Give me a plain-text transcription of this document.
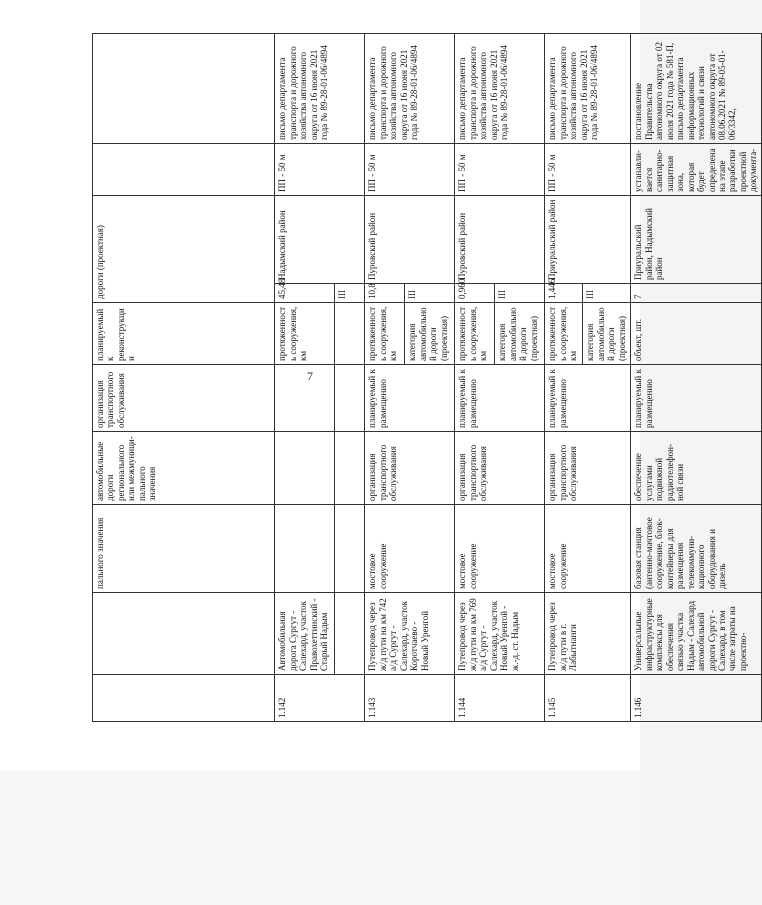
7
		пального значения	автомобильные дороги регионального или межмуници-пального значения	организация транспортного обслуживания	планируемый к реконструкции	дороги (проектная)			
1.142	Автомобильная дорога Сургут - Салехард, участок Правохеттинский - Старый Надым				протяженность сооружения, км	45,48	Надымский район	ПП - 50 м	письмо департамента транспорта и дорожного хозяйства автономного округа от 16 июня 2021 года № 89-28-01-06/4894	
						III				
1.143	Путепровод через ж/д пути на км 742 а/д Сургут - Салехард, участок Коротчаево - Новый Уренгой	мостовое сооружение	организация транспортного обслуживания	планируемый к размещению	протяженность сооружения, км	10,8	Пуровский район	ПП - 50 м	письмо департамента транспорта и дорожного хозяйства автономного округа от 16 июня 2021 года № 89-28-01-06/4894	
					категория автомобильной дороги (проектная)	III				
1.144	Путепровод через ж/д пути на км 769 а/д Сургут - Салехард, участок Новый Уренгой - ж.-д. ст. Надым	мостовое сооружение	организация транспортного обслуживания	планируемый к размещению	протяженность сооружения, км	0,960	Пуровский район	ПП - 50 м	письмо департамента транспорта и дорожного хозяйства автономного округа от 16 июня 2021 года № 89-28-01-06/4894	
					категория автомобильной дороги (проектная)	III				
1.145	Путепровод через ж/д пути в г. Лабытнанги	мостовое сооружение	организация транспортного обслуживания	планируемый к размещению	протяженность сооружения, км	1,446	Приуральский район	ПП - 50 м	письмо департамента транспорта и дорожного хозяйства автономного округа от 16 июня 2021 года № 89-28-01-06/4894	
					категория автомобильной дороги (проектная)	III				
1.146	Универсальные инфраструктурные комплексы для обеспечения связью участка Надым - Салехард автомобильной дороги Сургут - Салехард, в том числе затраты на проектно-	базовая станция (антенно-мачтовое сооружение, блок-контейнеры для размещения телекоммуни-кационного оборудования и дизель	обеспечение услугами подвижной радиотелефон-ной связи	планируемый к размещению	объект, шт.	7	Приуральский район, Надымский район	устанавли-вается санитарно-защитная зона, которая будет определена на этапе разработки проектной документа-	постановление Правительства автономного округа от 02 июля 2021 года № 581-П, письмо департамента информационных технологий и связи автономного округа от 08.06.2021 № 89-05-01-06/3342,	
